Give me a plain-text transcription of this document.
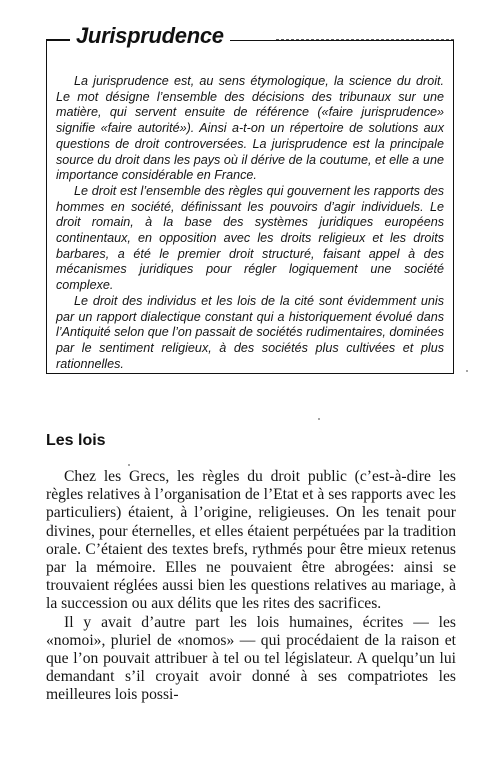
Jurisprudence

La jurisprudence est, au sens étymologique, la science du droit. Le mot désigne l’ensemble des décisions des tribunaux sur une matière, qui servent ensuite de référence («faire jurisprudence» signifie «faire autorité»). Ainsi a-t-on un répertoire de solutions aux questions de droit controversées. La jurisprudence est la principale source du droit dans les pays où il dérive de la coutume, et elle a une importance considérable en France.

Le droit est l’ensemble des règles qui gouvernent les rapports des hommes en société, définissant les pouvoirs d’agir individuels. Le droit romain, à la base des systèmes juridiques européens continentaux, en opposition avec les droits religieux et les droits barbares, a été le premier droit structuré, faisant appel à des mécanismes juridiques pour régler logiquement une société complexe.

Le droit des individus et les lois de la cité sont évidemment unis par un rapport dialectique constant qui a historiquement évolué dans l’Antiquité selon que l’on passait de sociétés rudimentaires, dominées par le sentiment religieux, à des sociétés plus cultivées et plus rationnelles.

Les lois

Chez les Grecs, les règles du droit public (c’est-à-dire les règles relatives à l’organisation de l’Etat et à ses rapports avec les particuliers) étaient, à l’origine, religieuses. On les tenait pour divines, pour éternelles, et elles étaient perpétuées par la tradition orale. C’étaient des textes brefs, rythmés pour être mieux retenus par la mémoire. Elles ne pouvaient être abrogées: ainsi se trouvaient réglées aussi bien les questions relatives au mariage, à la succession ou aux délits que les rites des sacrifices.

Il y avait d’autre part les lois humaines, écrites — les «nomoi», pluriel de «nomos» — qui procédaient de la raison et que l’on pouvait attribuer à tel ou tel législateur. A quelqu’un lui demandant s’il croyait avoir donné à ses compatriotes les meilleures lois possi-
